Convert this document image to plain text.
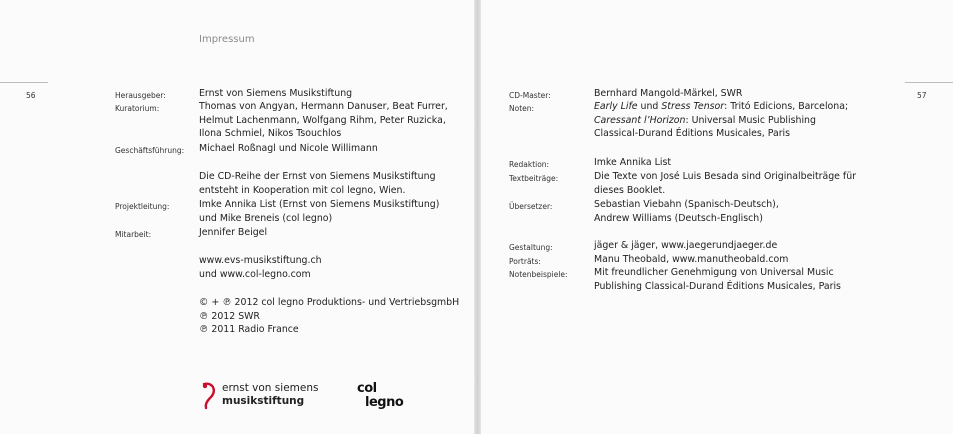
56
Impressum
Herausgeber:	Ernst von Siemens Musikstiftung
Kuratorium:	Thomas von Angyan, Hermann Danuser, Beat Furrer,
Helmut Lachenmann, Wolfgang Rihm, Peter Ruzicka,
Ilona Schmiel, Nikos Tsouchlos
Geschäftsführung: Michael Roßnagl und Nicole Willimann
Die CD-Reihe der Ernst von Siemens Musikstiftung
entsteht in Kooperation mit col legno, Wien.
Projektleitung:	Imke Annika List (Ernst von Siemens Musikstiftung)
und Mike Breneis (col legno)
Mitarbeit:	Jennifer Beigel
www.evs-musikstiftung.ch
und www.col-legno.com
© + ℗ 2012 col legno Produktions- und VertriebsgmbH
℗ 2012 SWR
℗ 2011 Radio France
ernst von siemens
musikstiftung
col
legno
57
CD-Master:	Bernhard Mangold-Märkel, SWR
Noten:	Early Life und Stress Tensor: Tritó Edicions, Barcelona;
Caressant l’Horizon: Universal Music Publishing
Classical-Durand Éditions Musicales, Paris
Redaktion:	Imke Annika List
Textbeiträge:	Die Texte von José Luis Besada sind Originalbeiträge für
dieses Booklet.
Übersetzer:	Sebastian Viebahn (Spanisch-Deutsch),
Andrew Williams (Deutsch-Englisch)
Gestaltung:	jäger & jäger, www.jaegerundjaeger.de
Porträts:	Manu Theobald, www.manutheobald.com
Notenbeispiele:	Mit freundlicher Genehmigung von Universal Music
Publishing Classical-Durand Éditions Musicales, Paris
